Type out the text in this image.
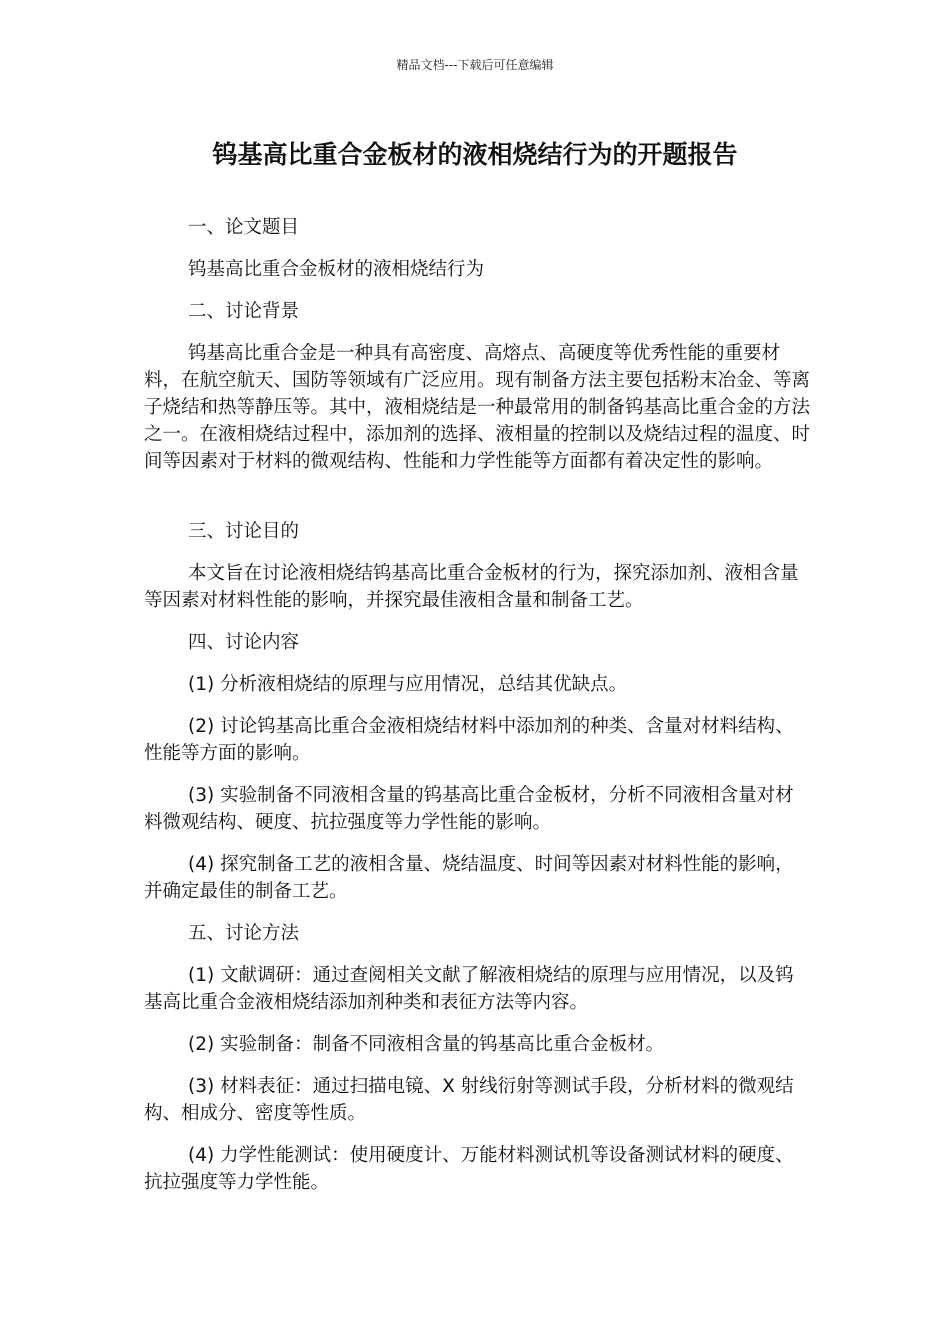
精品文档---下载后可任意编辑
钨基高比重合金板材的液相烧结行为的开题报告

一、论文题目

钨基高比重合金板材的液相烧结行为

二、讨论背景

钨基高比重合金是一种具有高密度、高熔点、高硬度等优秀性能的重要材料，在航空航天、国防等领域有广泛应用。现有制备方法主要包括粉末冶金、等离子烧结和热等静压等。其中，液相烧结是一种最常用的制备钨基高比重合金的方法之一。在液相烧结过程中，添加剂的选择、液相量的控制以及烧结过程的温度、时间等因素对于材料的微观结构、性能和力学性能等方面都有着决定性的影响。

三、讨论目的

本文旨在讨论液相烧结钨基高比重合金板材的行为，探究添加剂、液相含量等因素对材料性能的影响，并探究最佳液相含量和制备工艺。

四、讨论内容

(1) 分析液相烧结的原理与应用情况，总结其优缺点。

(2) 讨论钨基高比重合金液相烧结材料中添加剂的种类、含量对材料结构、性能等方面的影响。

(3) 实验制备不同液相含量的钨基高比重合金板材，分析不同液相含量对材料微观结构、硬度、抗拉强度等力学性能的影响。

(4) 探究制备工艺的液相含量、烧结温度、时间等因素对材料性能的影响，并确定最佳的制备工艺。

五、讨论方法

(1) 文献调研：通过查阅相关文献了解液相烧结的原理与应用情况，以及钨基高比重合金液相烧结添加剂种类和表征方法等内容。

(2) 实验制备：制备不同液相含量的钨基高比重合金板材。

(3) 材料表征：通过扫描电镜、X 射线衍射等测试手段，分析材料的微观结构、相成分、密度等性质。

(4) 力学性能测试：使用硬度计、万能材料测试机等设备测试材料的硬度、抗拉强度等力学性能。
